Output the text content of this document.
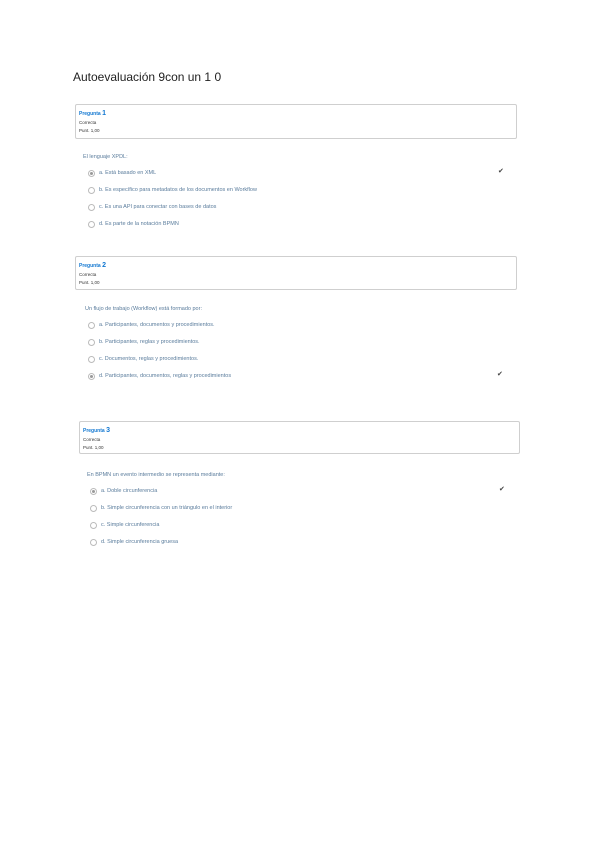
Autoevaluación 9con un 1 0
Pregunta 1
Correcta
Punt. 1,00

El lenguaje XPDL:

a. Está basado en XML	✔
b. Es específico para metadatos de los documentos en Workflow
c. Es una API para conectar con bases de datos
d. Es parte de la notación BPMN
Pregunta 2
Correcta
Punt. 1,00

Un flujo de trabajo (Workflow) está formado por:

a. Participantes, documentos y procedimientos.
b. Participantes, reglas y procedimientos.
c. Documentos, reglas y procedimientos.
d. Participantes, documentos, reglas y procedimientos	✔
Pregunta 3
Correcta
Punt. 1,00

En BPMN un evento intermedio se representa mediante:

a. Doble circunferencia	✔
b. Simple circunferencia con un triángulo en el interior
c. Simple circunferencia
d. Simple circunferencia gruesa
